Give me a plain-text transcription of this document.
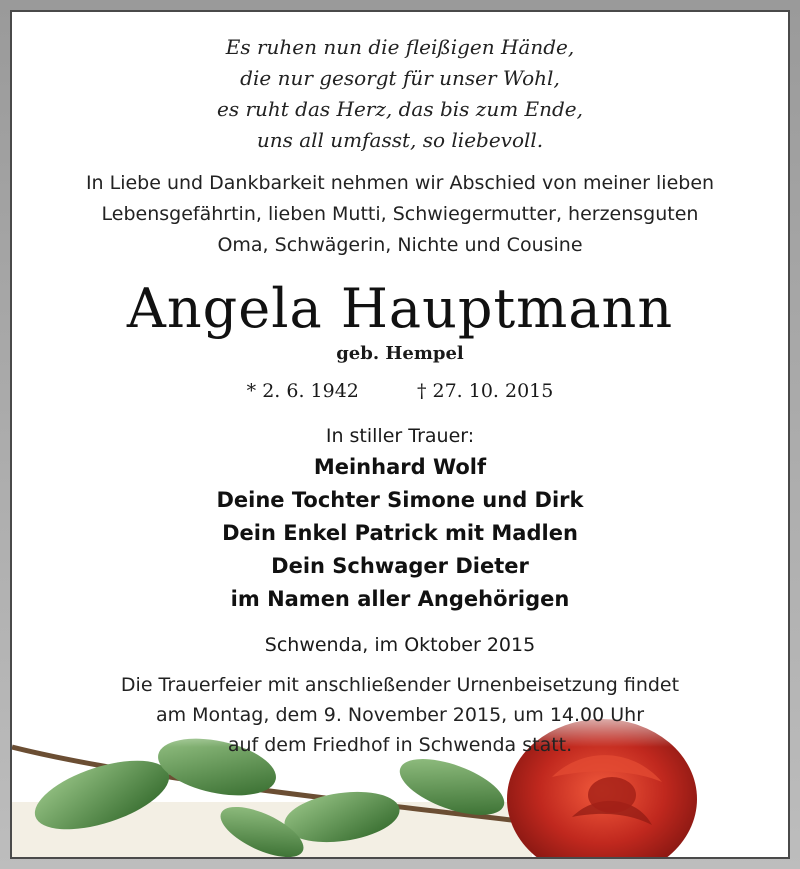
Es ruhen nun die fleißigen Hände,
die nur gesorgt für unser Wohl,
es ruht das Herz, das bis zum Ende,
uns all umfasst, so liebevoll.
In Liebe und Dankbarkeit nehmen wir Abschied von meiner lieben
Lebensgefährtin, lieben Mutti, Schwiegermutter, herzensguten
Oma, Schwägerin, Nichte und Cousine
Angela Hauptmann
geb. Hempel
* 2. 6. 1942	† 27. 10. 2015
In stiller Trauer:
Meinhard Wolf
Deine Tochter Simone und Dirk
Dein Enkel Patrick mit Madlen
Dein Schwager Dieter
im Namen aller Angehörigen
Schwenda, im Oktober 2015
Die Trauerfeier mit anschließender Urnenbeisetzung findet
am Montag, dem 9. November 2015, um 14.00 Uhr
auf dem Friedhof in Schwenda statt.
